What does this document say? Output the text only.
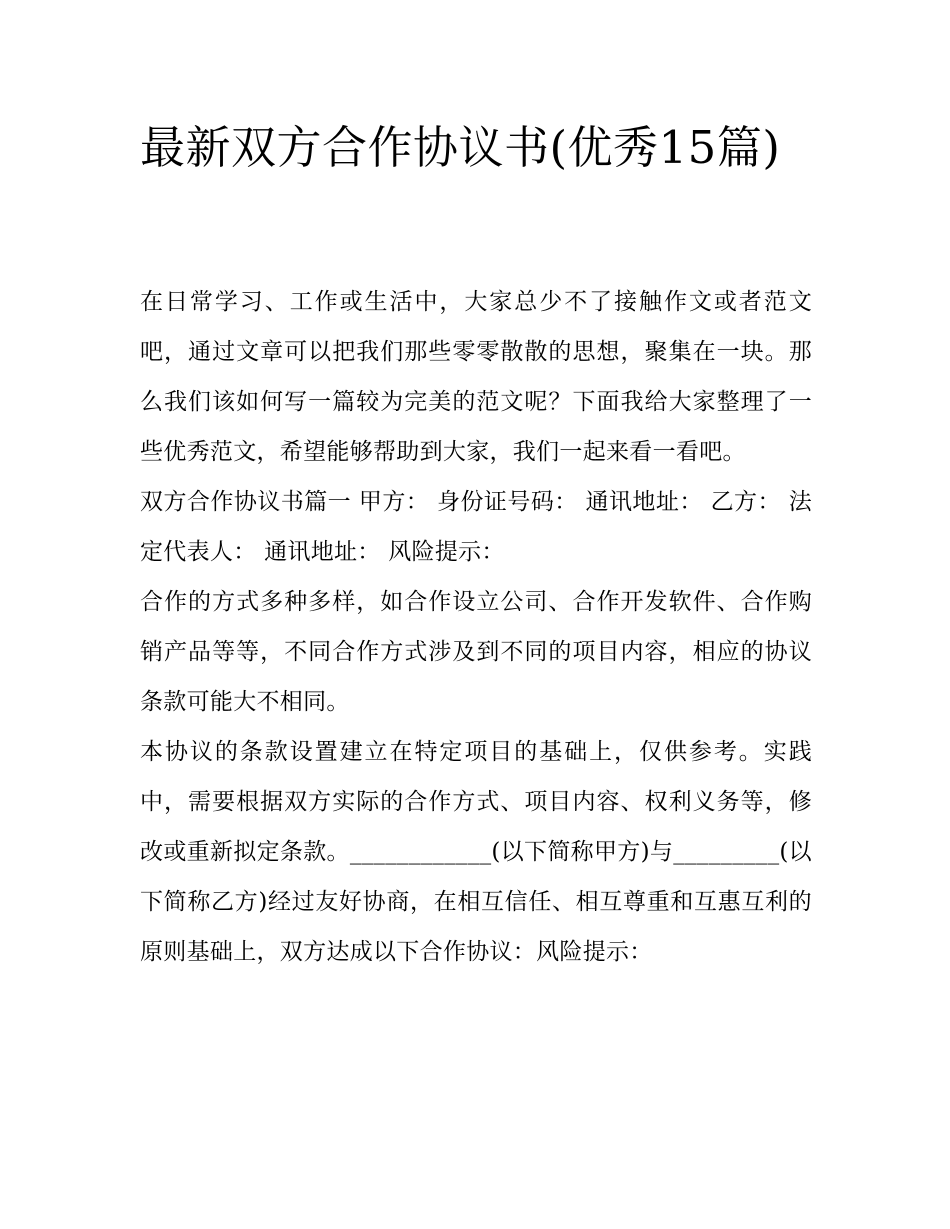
最新双方合作协议书(优秀15篇)

在日常学习、工作或生活中，大家总少不了接触作文或者范文吧，通过文章可以把我们那些零零散散的思想，聚集在一块。那么我们该如何写一篇较为完美的范文呢？下面我给大家整理了一些优秀范文，希望能够帮助到大家，我们一起来看一看吧。

双方合作协议书篇一 甲方： 身份证号码： 通讯地址： 乙方： 法定代表人： 通讯地址： 风险提示：

合作的方式多种多样，如合作设立公司、合作开发软件、合作购销产品等等，不同合作方式涉及到不同的项目内容，相应的协议条款可能大不相同。

本协议的条款设置建立在特定项目的基础上，仅供参考。实践中，需要根据双方实际的合作方式、项目内容、权利义务等，修改或重新拟定条款。____________(以下简称甲方)与_________(以下简称乙方)经过友好协商，在相互信任、相互尊重和互惠互利的原则基础上，双方达成以下合作协议：风险提示：
